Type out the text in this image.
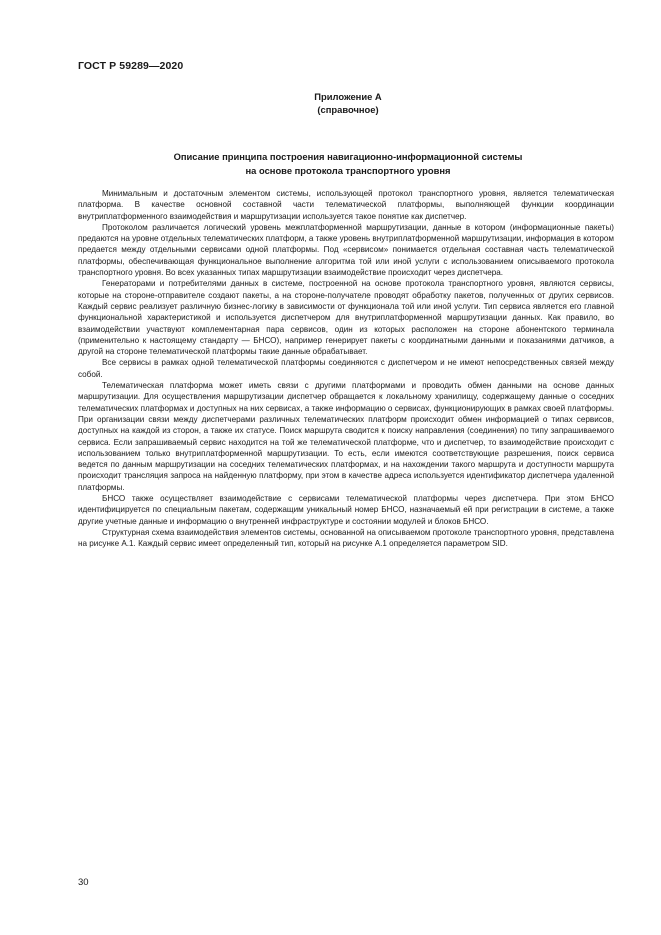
ГОСТ Р 59289—2020
Приложение А
(справочное)
Описание принципа построения навигационно-информационной системы
на основе протокола транспортного уровня

Минимальным и достаточным элементом системы, использующей протокол транспортного уровня, является телематическая платформа. В качестве основной составной части телематической платформы, выполняющей функции координации внутриплатформенного взаимодействия и маршрутизации используется такое понятие как диспетчер.

Протоколом различается логический уровень межплатформенной маршрутизации, данные в котором (информационные пакеты) предаются на уровне отдельных телематических платформ, а также уровень внутриплатформенной маршрутизации, информация в котором предается между отдельными сервисами одной платформы. Под «сервисом» понимается отдельная составная часть телематической платформы, обеспечивающая функциональное выполнение алгоритма той или иной услуги с использованием описываемого протокола транспортного уровня. Во всех указанных типах маршрутизации взаимодействие происходит через диспетчера.

Генераторами и потребителями данных в системе, построенной на основе протокола транспортного уровня, являются сервисы, которые на стороне-отправителе создают пакеты, а на стороне-получателе проводят обработку пакетов, полученных от других сервисов. Каждый сервис реализует различную бизнес-логику в зависимости от функционала той или иной услуги. Тип сервиса является его главной функциональной характеристикой и используется диспетчером для внутриплатформенной маршрутизации данных. Как правило, во взаимодействии участвуют комплементарная пара сервисов, один из которых расположен на стороне абонентского терминала (применительно к настоящему стандарту — БНСО), например генерирует пакеты с координатными данными и показаниями датчиков, а другой на стороне телематической платформы такие данные обрабатывает.

Все сервисы в рамках одной телематической платформы соединяются с диспетчером и не имеют непосредственных связей между собой.

Телематическая платформа может иметь связи с другими платформами и проводить обмен данными на основе данных маршрутизации. Для осуществления маршрутизации диспетчер обращается к локальному хранилищу, содержащему данные о соседних телематических платформах и доступных на них сервисах, а также информацию о сервисах, функционирующих в рамках своей платформы. При организации связи между диспетчерами различных телематических платформ происходит обмен информацией о типах сервисов, доступных на каждой из сторон, а также их статусе. Поиск маршрута сводится к поиску направления (соединения) по типу запрашиваемого сервиса. Если запрашиваемый сервис находится на той же телематической платформе, что и диспетчер, то взаимодействие происходит с использованием только внутриплатформенной маршрутизации. То есть, если имеются соответствующие разрешения, поиск сервиса ведется по данным маршрутизации на соседних телематических платформах, и на нахождении такого маршрута и доступности маршрута происходит трансляция запроса на найденную платформу, при этом в качестве адреса используется идентификатор диспетчера удаленной платформы.

БНСО также осуществляет взаимодействие с сервисами телематической платформы через диспетчера. При этом БНСО идентифицируется по специальным пакетам, содержащим уникальный номер БНСО, назначаемый ей при регистрации в системе, а также другие учетные данные и информацию о внутренней инфраструктуре и состоянии модулей и блоков БНСО.

Структурная схема взаимодействия элементов системы, основанной на описываемом протоколе транспортного уровня, представлена на рисунке А.1. Каждый сервис имеет определенный тип, который на рисунке А.1 определяется параметром SID.

30
